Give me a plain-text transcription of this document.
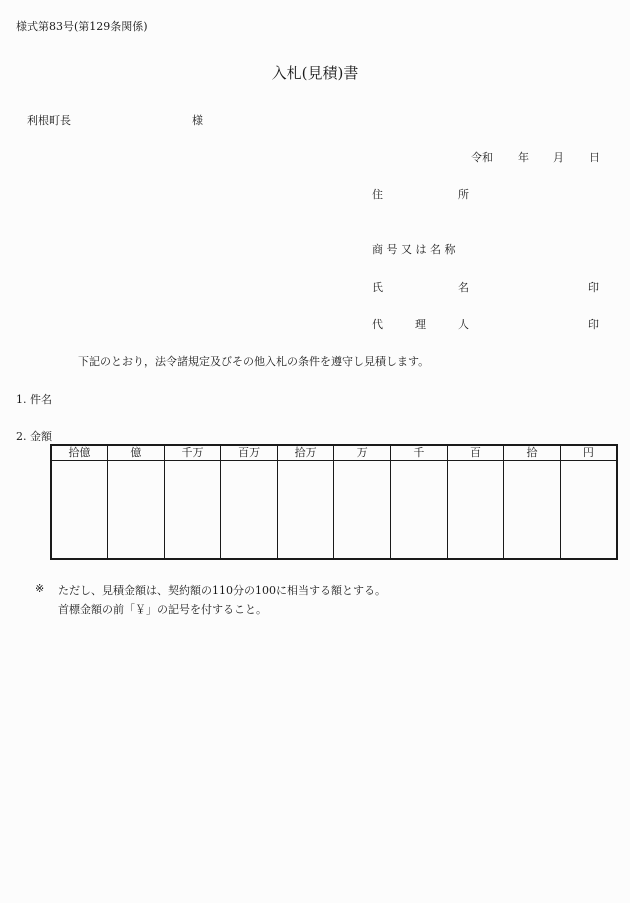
様式第83号(第129条関係)
入札(見積)書
利根町長	様
令和 年 月 日
住	所
商 号 又 は 名 称
氏	名	印
代	理	人	印
下記のとおり，法令諸規定及びその他入札の条件を遵守し見積します。
1. 件名
2. 金額
拾億	億	千万	百万	拾万	万	千	百	拾	円

※ ただし、見積金額は、契約額の110分の100に相当する額とする。
首標金額の前「￥」の記号を付すること。
